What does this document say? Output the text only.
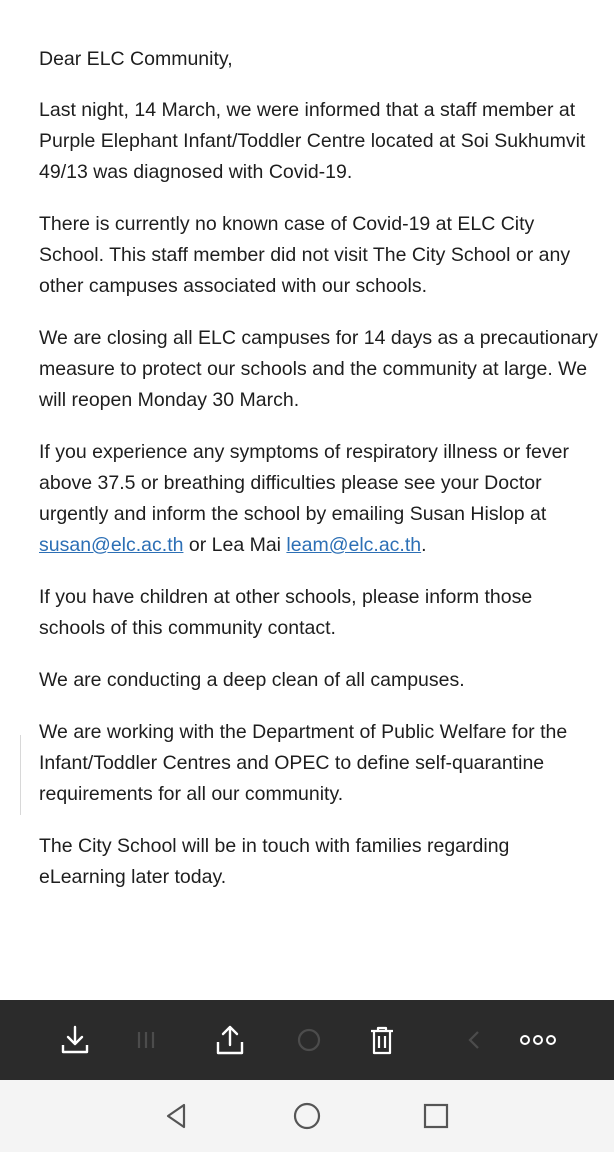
Dear ELC Community,

Last night, 14 March, we were informed that a staff member at Purple Elephant Infant/Toddler Centre located at Soi Sukhumvit 49/13 was diagnosed with Covid-19.

There is currently no known case of Covid-19 at ELC City School. This staff member did not visit The City School or any other campuses associated with our schools.

We are closing all ELC campuses for 14 days as a precautionary measure to protect our schools and the community at large. We will reopen Monday 30 March.

If you experience any symptoms of respiratory illness or fever above 37.5 or breathing difficulties please see your Doctor urgently and inform the school by emailing Susan Hislop at susan@elc.ac.th or Lea Mai leam@elc.ac.th.

If you have children at other schools, please inform those schools of this community contact.

We are conducting a deep clean of all campuses.

We are working with the Department of Public Welfare for the Infant/Toddler Centres and OPEC to define self-quarantine requirements for all our community.

The City School will be in touch with families regarding eLearning later today.
